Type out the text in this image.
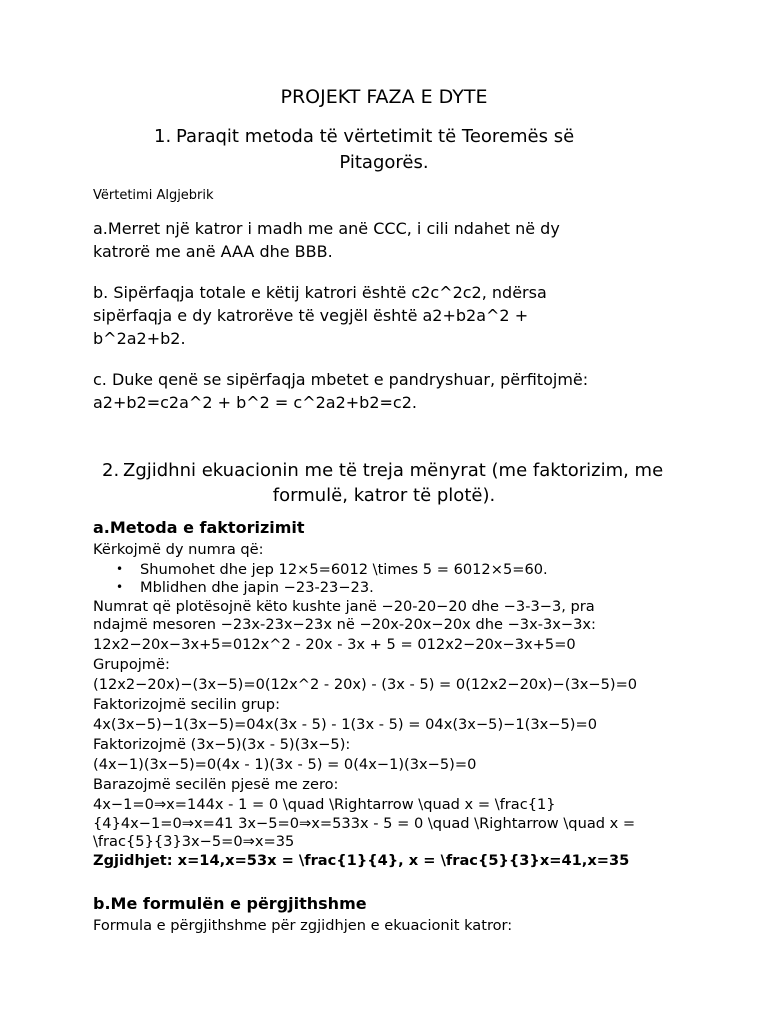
PROJEKT FAZA E DYTE

1. Paraqit metoda të vërtetimit të Teoremës së

Pitagorës.

Vërtetimi Algjebrik

a.Merret një katror i madh me anë CCC, i cili ndahet në dy

katrorë me anë AAA dhe BBB.

b. Sipërfaqja totale e këtij katrori është c2c^2c2, ndërsa

sipërfaqja e dy katrorëve të vegjël është a2+b2a^2 +

b^2a2+b2.

c. Duke qenë se sipërfaqja mbetet e pandryshuar, përfitojmë:

a2+b2=c2a^2 + b^2 = c^2a2+b2=c2.

2. Zgjidhni ekuacionin me të treja mënyrat (me faktorizim, me

formulë, katror të plotë).

a.Metoda e faktorizimit

Kërkojmë dy numra që:

• Shumohet dhe jep 12×5=6012 \times 5 = 6012×5=60.

• Mblidhen dhe japin −23-23−23.

Numrat që plotësojnë këto kushte janë −20-20−20 dhe −3-3−3, pra

ndajmë mesoren −23x-23x−23x në −20x-20x−20x dhe −3x-3x−3x:

12x2−20x−3x+5=012x^2 - 20x - 3x + 5 = 012x2−20x−3x+5=0

Grupojmë:

(12x2−20x)−(3x−5)=0(12x^2 - 20x) - (3x - 5) = 0(12x2−20x)−(3x−5)=0

Faktorizojmë secilin grup:

4x(3x−5)−1(3x−5)=04x(3x - 5) - 1(3x - 5) = 04x(3x−5)−1(3x−5)=0

Faktorizojmë (3x−5)(3x - 5)(3x−5):

(4x−1)(3x−5)=0(4x - 1)(3x - 5) = 0(4x−1)(3x−5)=0

Barazojmë secilën pjesë me zero:

4x−1=0⇒x=144x - 1 = 0 \quad \Rightarrow \quad x = \frac{1}

{4}4x−1=0⇒x=41 3x−5=0⇒x=533x - 5 = 0 \quad \Rightarrow \quad x =

\frac{5}{3}3x−5=0⇒x=35

Zgjidhjet: x=14,x=53x = \frac{1}{4}, x = \frac{5}{3}x=41,x=35

b.Me formulën e përgjithshme

Formula e përgjithshme për zgjidhjen e ekuacionit katror:
